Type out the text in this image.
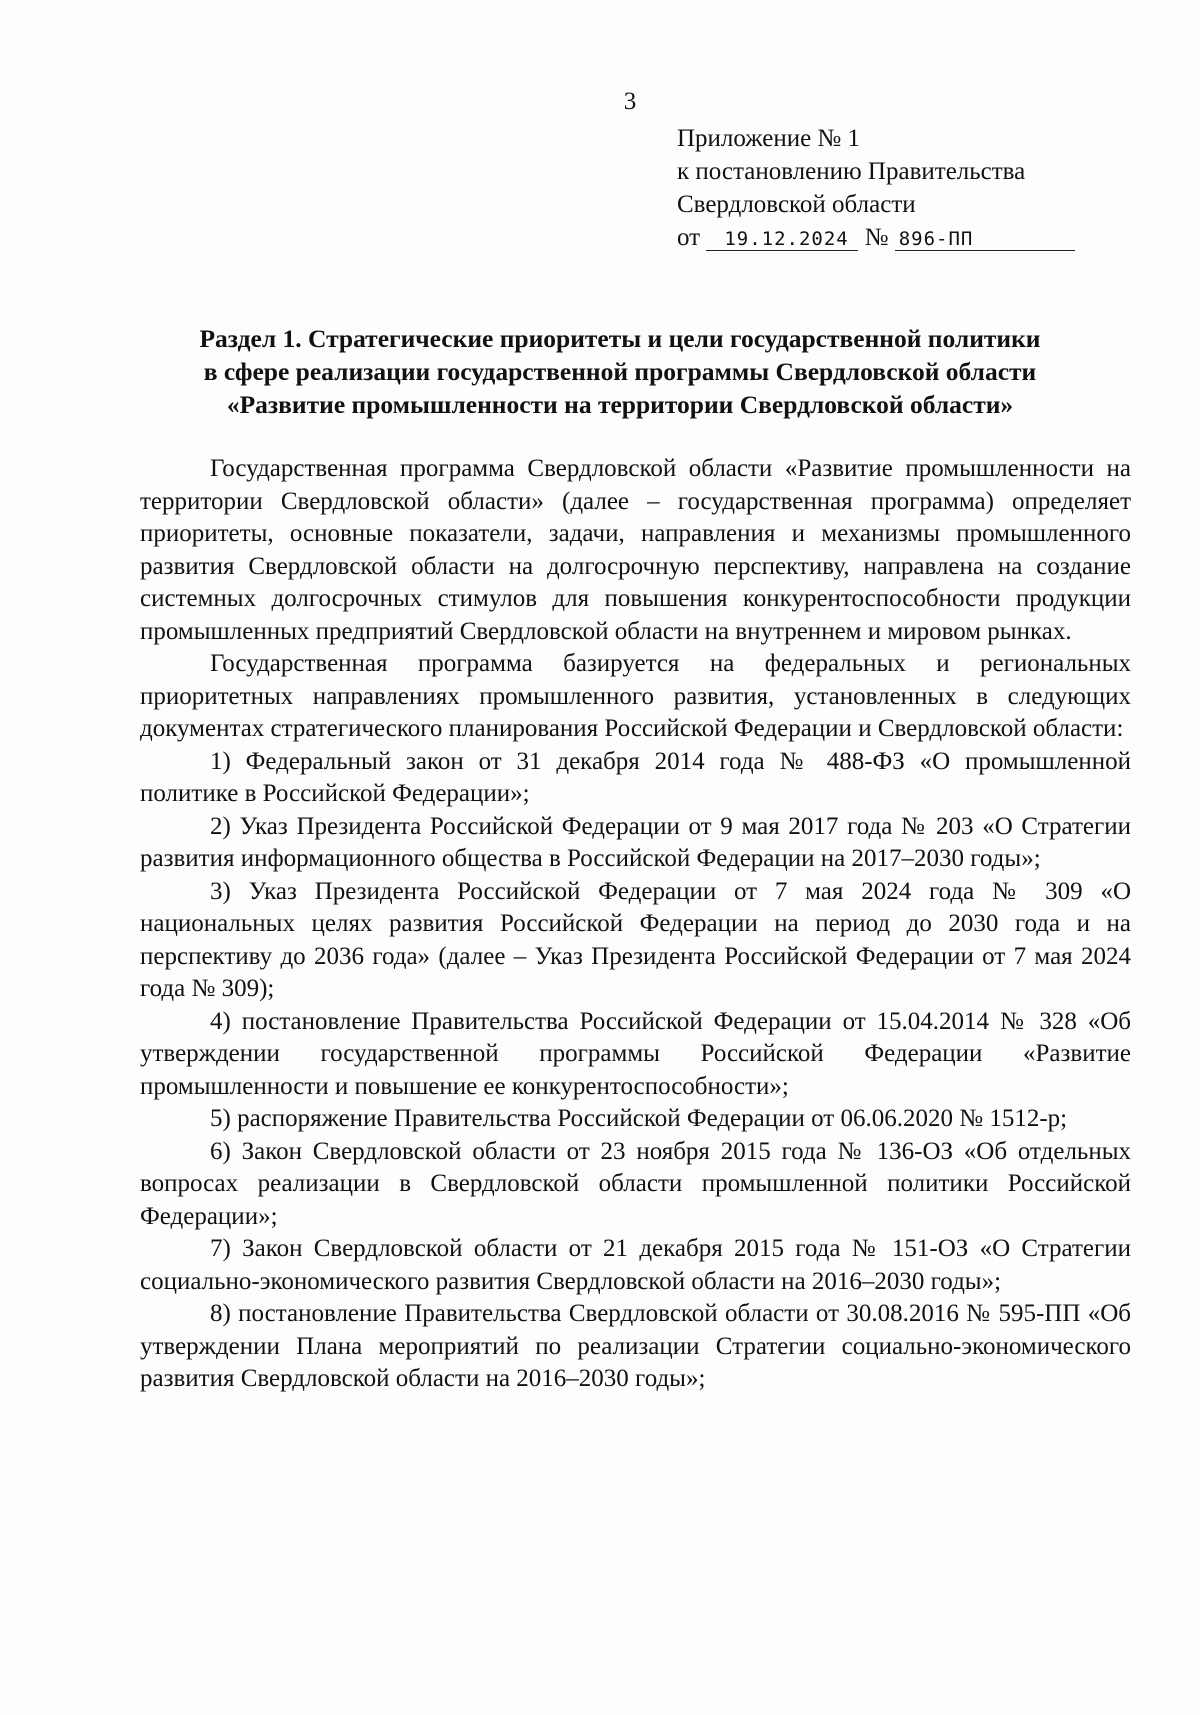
3
Приложение № 1
к постановлению Правительства
Свердловской области
от 19.12.2024 № 896-ПП
Раздел 1. Стратегические приоритеты и цели государственной политики
в сфере реализации государственной программы Свердловской области
«Развитие промышленности на территории Свердловской области»

Государственная программа Свердловской области «Развитие промышленности на территории Свердловской области» (далее – государственная программа) определяет приоритеты, основные показатели, задачи, направления и механизмы промышленного развития Свердловской области на долгосрочную перспективу, направлена на создание системных долгосрочных стимулов для повышения конкурентоспособности продукции промышленных предприятий Свердловской области на внутреннем и мировом рынках.

Государственная программа базируется на федеральных и региональных приоритетных направлениях промышленного развития, установленных в следующих документах стратегического планирования Российской Федерации и Свердловской области:

1) Федеральный закон от 31 декабря 2014 года № 488-ФЗ «О промышленной политике в Российской Федерации»;

2) Указ Президента Российской Федерации от 9 мая 2017 года № 203 «О Стратегии развития информационного общества в Российской Федерации на 2017–2030 годы»;

3) Указ Президента Российской Федерации от 7 мая 2024 года № 309 «О национальных целях развития Российской Федерации на период до 2030 года и на перспективу до 2036 года» (далее – Указ Президента Российской Федерации от 7 мая 2024 года № 309);

4) постановление Правительства Российской Федерации от 15.04.2014 № 328 «Об утверждении государственной программы Российской Федерации «Развитие промышленности и повышение ее конкурентоспособности»;

5) распоряжение Правительства Российской Федерации от 06.06.2020 № 1512-р;

6) Закон Свердловской области от 23 ноября 2015 года № 136-ОЗ «Об отдельных вопросах реализации в Свердловской области промышленной политики Российской Федерации»;

7) Закон Свердловской области от 21 декабря 2015 года № 151-ОЗ «О Стратегии социально-экономического развития Свердловской области на 2016–2030 годы»;

8) постановление Правительства Свердловской области от 30.08.2016 № 595-ПП «Об утверждении Плана мероприятий по реализации Стратегии социально-экономического развития Свердловской области на 2016–2030 годы»;
